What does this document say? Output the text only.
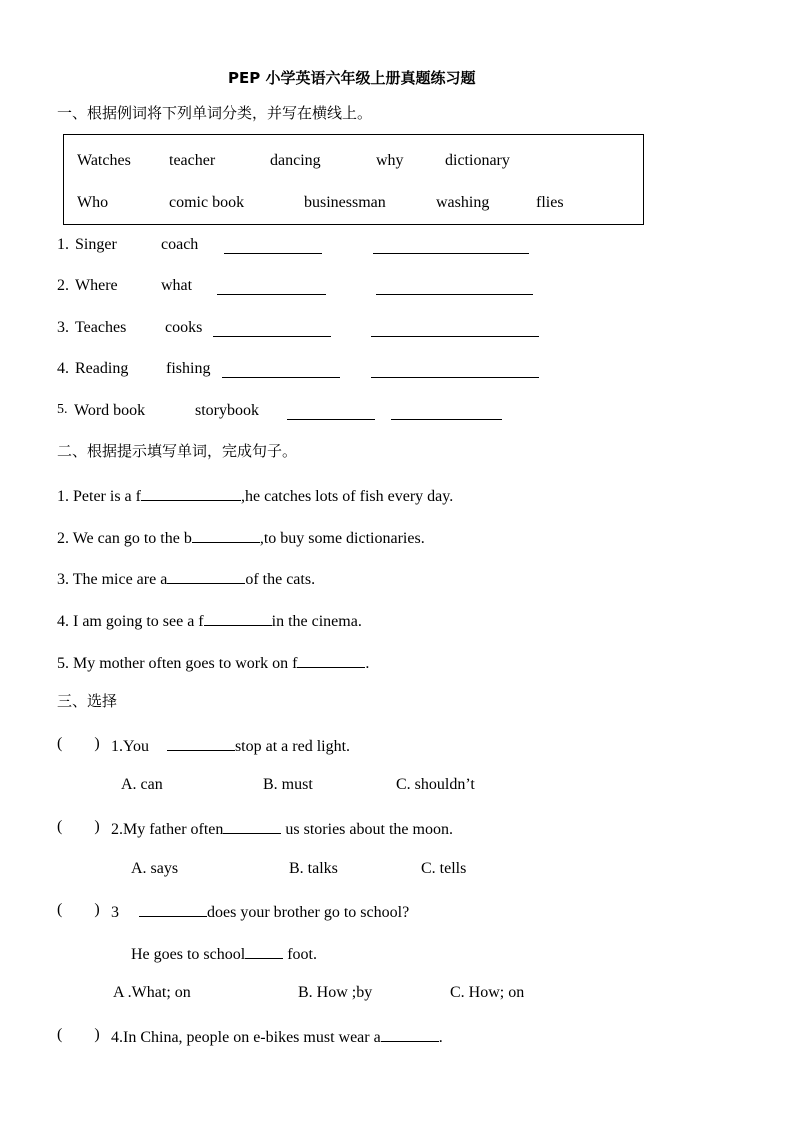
PEP 小学英语六年级上册真题练习题
一、根据例词将下列单词分类，并写在横线上。
Watches teacher	dancing	why	dictionary
Who	comic book	businessman	washing	flies
1. Singer	coach
2. Where	what
3. Teaches cooks
4. Reading fishing
5. Word book	storybook
二、根据提示填写单词，完成句子。
1. Peter is a f	,he catches lots of fish every day.
2. We can go to the b	,to buy some dictionaries.
3. The mice are a	of the cats.
4. I am going to see a f	in the cinema.
5. My mother often goes to work on f	.
三、选择
(        ) 1.You	stop at a red light.
A. can	B. must	C. shouldn’t
(        ) 2.My father often	us stories about the moon.
A. says	B. talks	C. tells
(        ) 3	does your brother go to school?
He goes to school	foot.
A .What; on	B. How ;by	C. How; on
(        ) 4.In China, people on e-bikes must wear a	.
